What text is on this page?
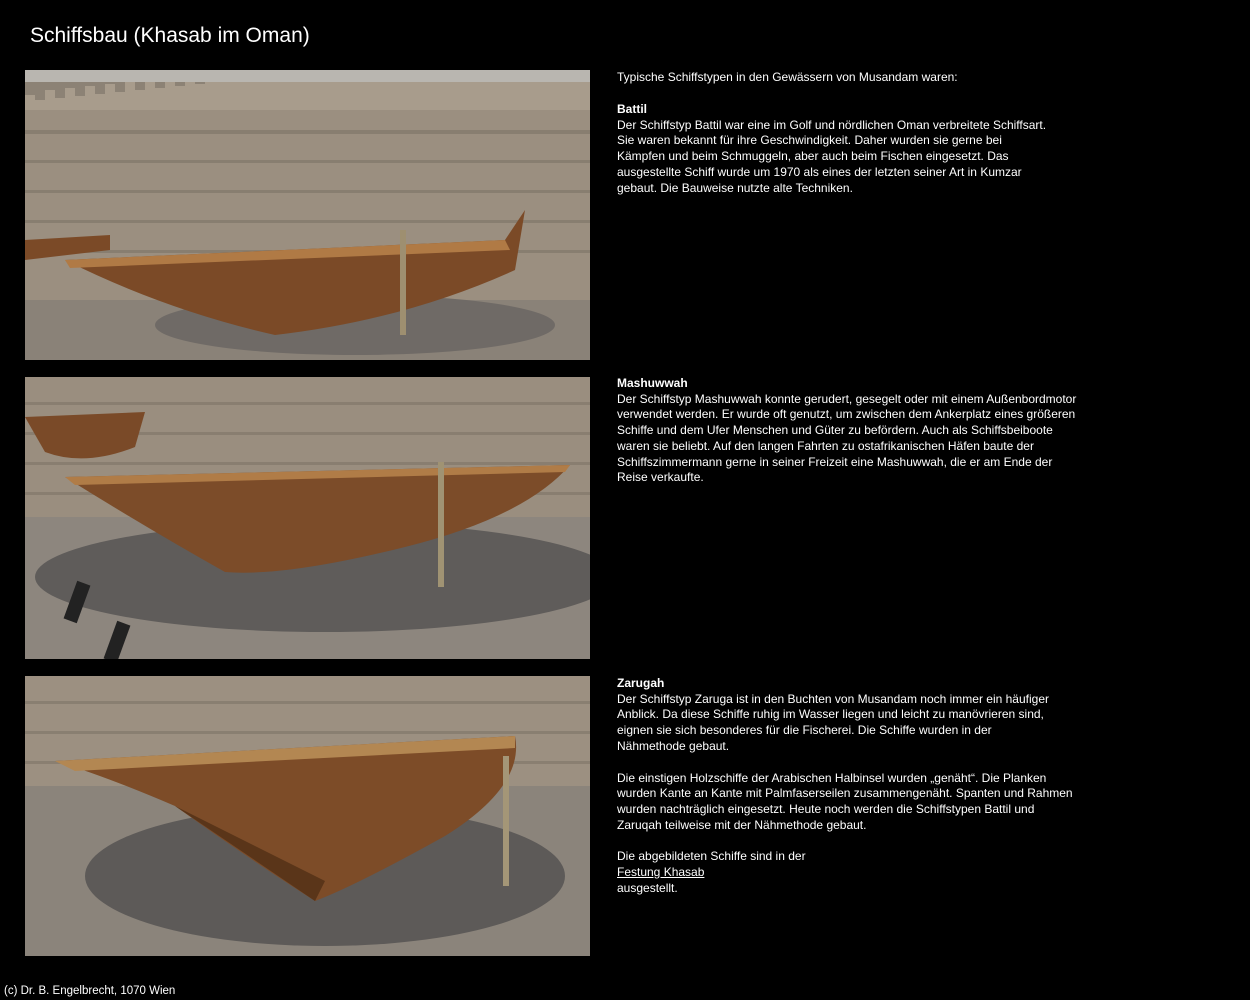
Schiffsbau (Khasab im Oman)

Typische Schiffstypen in den Gewässern von Musandam waren:

Battil

Der Schiffstyp Battil war eine im Golf und nördlichen Oman verbreitete Schiffsart. Sie waren bekannt für ihre Geschwindigkeit. Daher wurden sie gerne bei Kämpfen und beim Schmuggeln, aber auch beim Fischen eingesetzt. Das ausgestellte Schiff wurde um 1970 als eines der letzten seiner Art in Kumzar gebaut. Die Bauweise nutzte alte Techniken.

Mashuwwah

Der Schiffstyp Mashuwwah konnte gerudert, gesegelt oder mit einem Außenbordmotor verwendet werden. Er wurde oft genutzt, um zwischen dem Ankerplatz eines größeren Schiffe und dem Ufer Menschen und Güter zu befördern. Auch als Schiffsbeiboote waren sie beliebt. Auf den langen Fahrten zu ostafrikanischen Häfen baute der Schiffszimmermann gerne in seiner Freizeit eine Mashuwwah, die er am Ende der Reise verkaufte.

Zarugah

Der Schiffstyp Zaruga ist in den Buchten von Musandam noch immer ein häufiger Anblick. Da diese Schiffe ruhig im Wasser liegen und leicht zu manövrieren sind, eignen sie sich besonderes für die Fischerei. Die Schiffe wurden in der Nähmethode gebaut.

Die einstigen Holzschiffe der Arabischen Halbinsel wurden „genäht“. Die Planken wurden Kante an Kante mit Palmfaserseilen zusammengenäht. Spanten und Rahmen wurden nachträglich eingesetzt. Heute noch werden die Schiffstypen Battil und Zaruqah teilweise mit der Nähmethode gebaut.

Die abgebildeten Schiffe sind in der

Festung Khasab

ausgestellt.

(c) Dr. B. Engelbrecht, 1070 Wien
